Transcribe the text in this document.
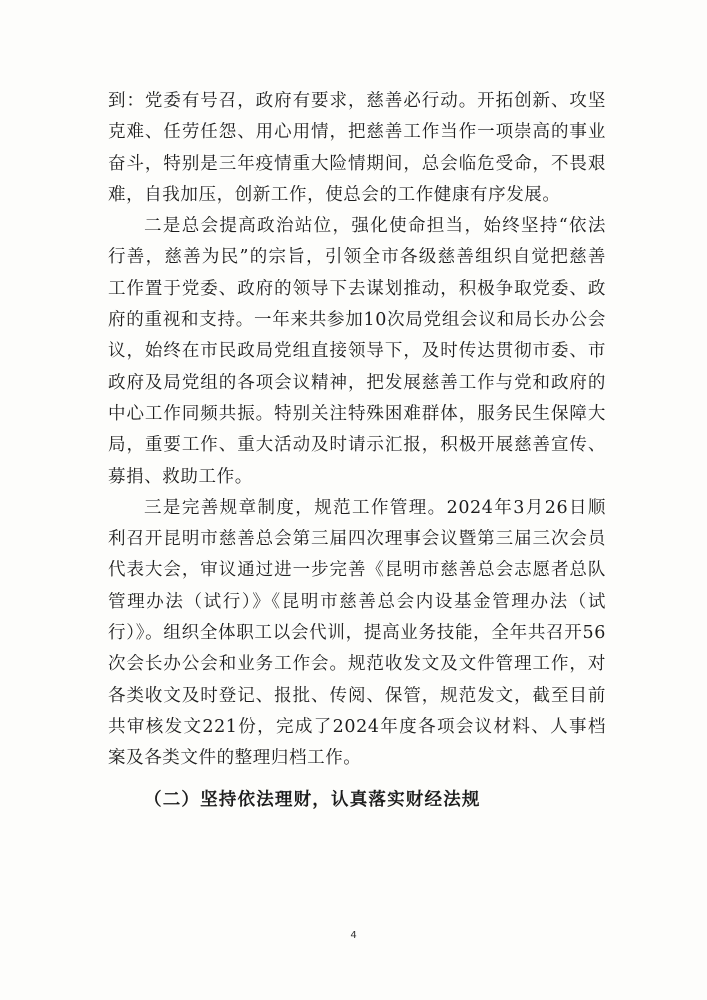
到：党委有号召，政府有要求，慈善必行动。开拓创新、攻坚克难、任劳任怨、用心用情，把慈善工作当作一项崇高的事业奋斗，特别是三年疫情重大险情期间，总会临危受命，不畏艰难，自我加压，创新工作，使总会的工作健康有序发展。

二是总会提高政治站位，强化使命担当，始终坚持“依法行善，慈善为民”的宗旨，引领全市各级慈善组织自觉把慈善工作置于党委、政府的领导下去谋划推动，积极争取党委、政府的重视和支持。一年来共参加10次局党组会议和局长办公会议，始终在市民政局党组直接领导下，及时传达贯彻市委、市政府及局党组的各项会议精神，把发展慈善工作与党和政府的中心工作同频共振。特别关注特殊困难群体，服务民生保障大局，重要工作、重大活动及时请示汇报，积极开展慈善宣传、募捐、救助工作。

三是完善规章制度，规范工作管理。2024年3月26日顺利召开昆明市慈善总会第三届四次理事会议暨第三届三次会员代表大会，审议通过进一步完善《昆明市慈善总会志愿者总队管理办法（试行）》《昆明市慈善总会内设基金管理办法（试行）》。组织全体职工以会代训，提高业务技能，全年共召开56次会长办公会和业务工作会。规范收发文及文件管理工作，对各类收文及时登记、报批、传阅、保管，规范发文，截至目前共审核发文221份，完成了2024年度各项会议材料、人事档案及各类文件的整理归档工作。

（二）坚持依法理财，认真落实财经法规

4
